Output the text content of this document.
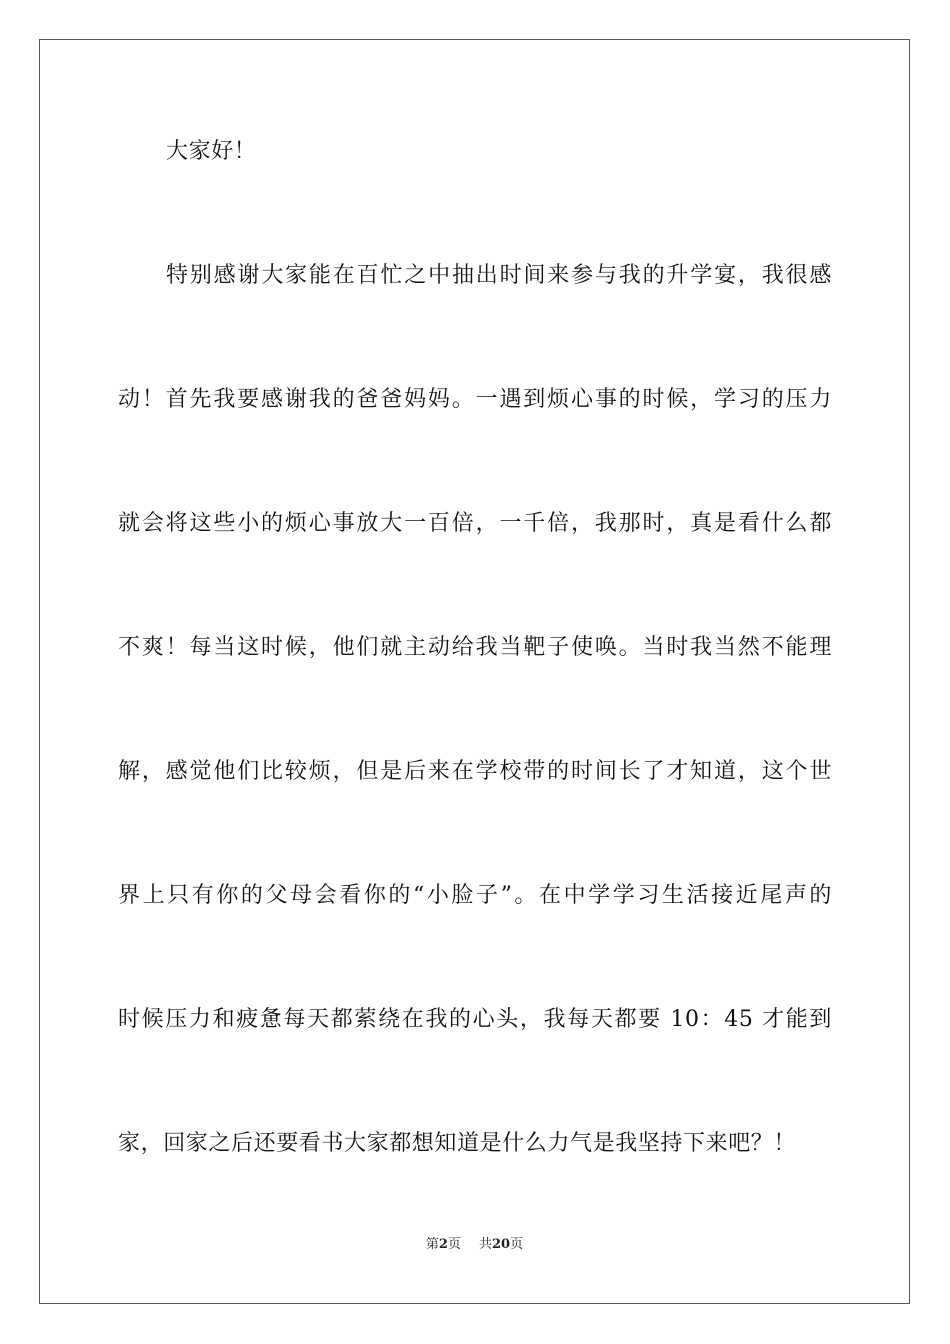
大家好！

特别感谢大家能在百忙之中抽出时间来参与我的升学宴，我很感

动！首先我要感谢我的爸爸妈妈。一遇到烦心事的时候，学习的压力

就会将这些小的烦心事放大一百倍，一千倍，我那时，真是看什么都

不爽！每当这时候，他们就主动给我当靶子使唤。当时我当然不能理

解，感觉他们比较烦，但是后来在学校带的时间长了才知道，这个世

界上只有你的父母会看你的“小脸子”。在中学学习生活接近尾声的

时候压力和疲惫每天都萦绕在我的心头，我每天都要 10：45 才能到

家，回家之后还要看书大家都想知道是什么力气是我坚持下来吧？！

第2页 共20页
